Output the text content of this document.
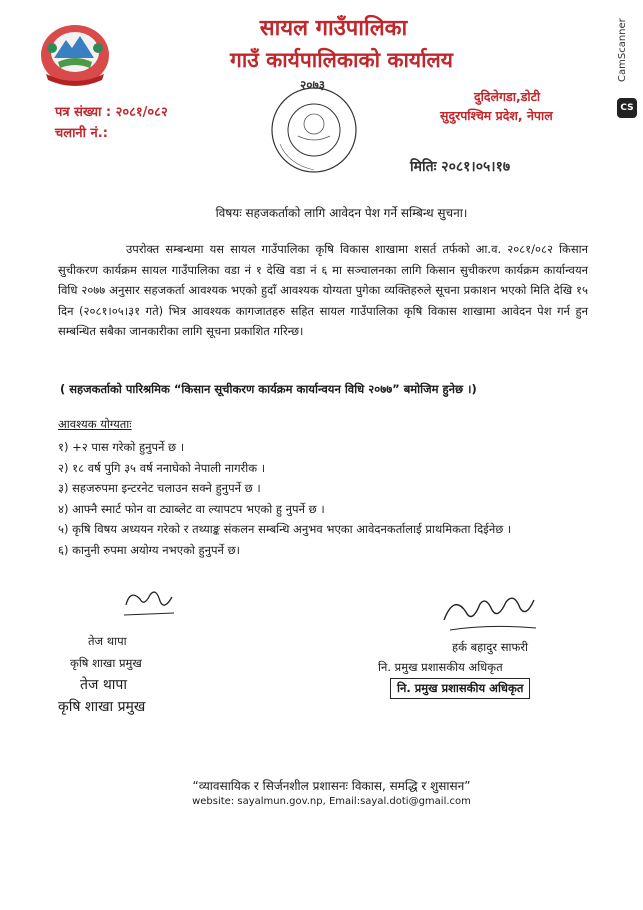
सायल गाउँपालिका
गाउँ कार्यपालिकाको कार्यालय
२०७३
दुदिलेगडा,डोटी
सुदुरपश्चिम प्रदेश, नेपाल
पत्र संख्या : २०८१/०८२
चलानी नं.:
मितिः २०८१।०५।१७
विषयः सहजकर्ताको लागि आवेदन पेश गर्ने सम्बिन्ध सुचना।

उपरोक्त सम्बन्धमा यस सायल गाउँपालिका कृषि विकास शाखामा शसर्त तर्फको आ.व. २०८१/०८२ किसान सुचीकरण कार्यक्रम सायल गाउँपालिका वडा नं १ देखि वडा नं ६ मा सञ्चालनका लागि किसान सुचीकरण कार्यक्रम कार्यान्वयन विधि २०७७ अनुसार सहजकर्ता आवश्यक भएको हुदाँ आवश्यक योग्यता पुगेका व्यक्तिहरुले सूचना प्रकाशन भएको मिति देखि १५ दिन (२०८१।०५।३१ गते) भित्र आवश्यक कागजातहरु सहित सायल गाउँपालिका कृषि विकास शाखामा आवेदन पेश गर्न हुन सम्बन्धित सबैका जानकारीका लागि सूचना प्रकाशित गरिन्छ।

( सहजकर्ताको पारिश्रमिक “किसान सूचीकरण कार्यक्रम कार्यान्वयन विधि २०७७” बमोजिम हुनेछ ।)
आवश्यक योग्यताः
१) +२ पास गरेको हुनुपर्ने छ ।
२) १८ वर्ष पुगि ३५ वर्ष ननाघेको नेपाली नागरीक ।
३) सहजरुपमा इन्टरनेट चलाउन सक्ने हुनुपर्ने छ ।
४) आफ्नै स्मार्ट फोन वा ट्याब्लेट वा ल्यापटप भएको हु नुपर्ने छ ।
५) कृषि विषय अध्ययन गरेको र तथ्याङ्क संकलन सम्बन्धि अनुभव भएका आवेदनकर्तालाई प्राथमिकता दिईनेछ ।
६) कानुनी रुपमा अयोग्य नभएको हुनुपर्ने छ।
तेज थापा
कृषि शाखा प्रमुख
तेज थापा
कृषि शाखा प्रमुख
हर्क बहादुर साफरी
नि. प्रमुख प्रशासकीय अधिकृत
नि. प्रमुख प्रशासकीय अधिकृत
“व्यावसायिक र सिर्जनशील प्रशासनः विकास, समद्धि र शुसासन”
website: sayalmun.gov.np, Email:sayal.doti@gmail.com
CamScanner
CS
